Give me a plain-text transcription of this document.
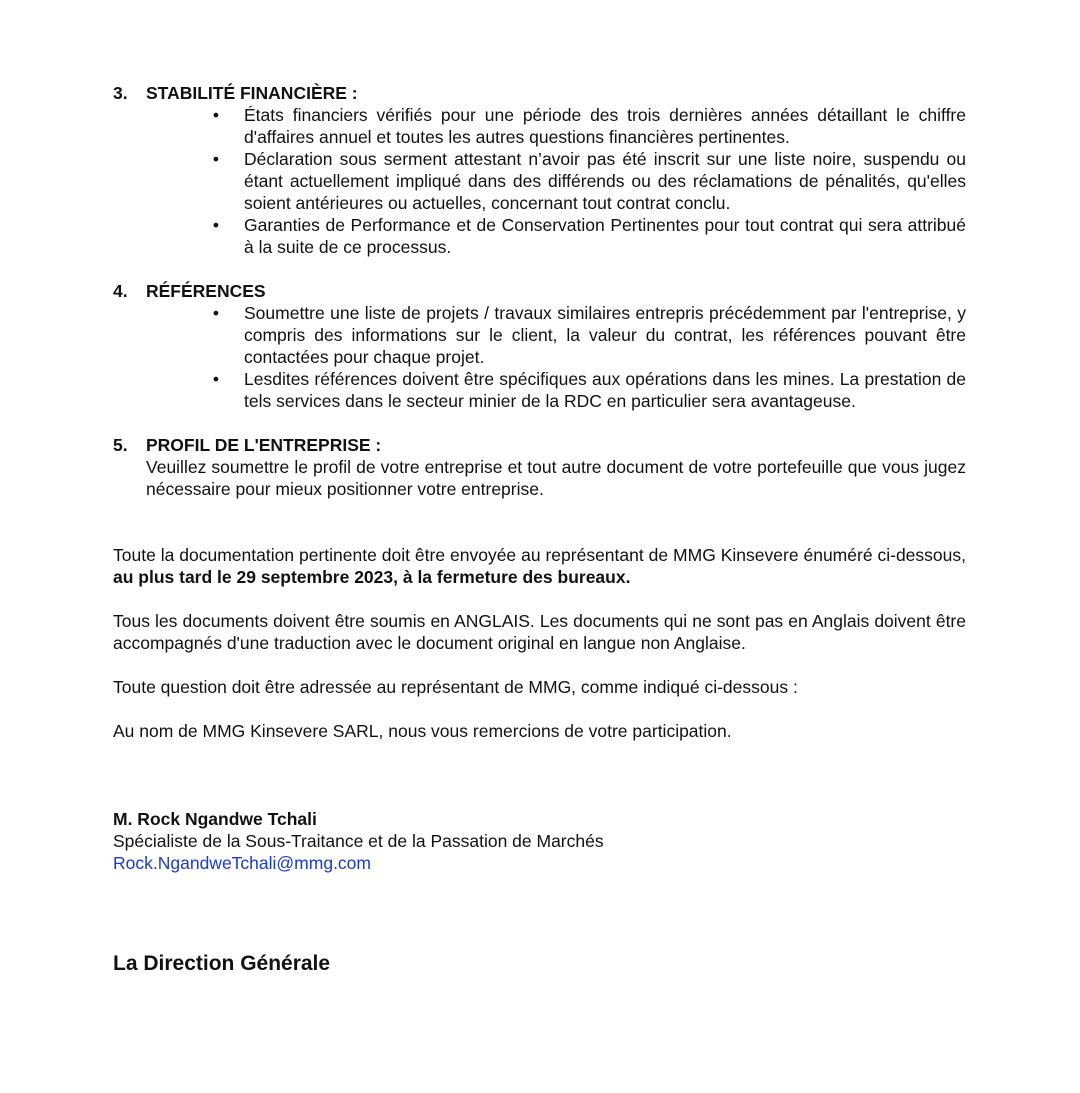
3.	STABILITÉ FINANCIÈRE :
• États financiers vérifiés pour une période des trois dernières années détaillant le chiffre d'affaires annuel et toutes les autres questions financières pertinentes.
• Déclaration sous serment attestant n’avoir pas été inscrit sur une liste noire, suspendu ou étant actuellement impliqué dans des différends ou des réclamations de pénalités, qu'elles soient antérieures ou actuelles, concernant tout contrat conclu.
• Garanties de Performance et de Conservation Pertinentes pour tout contrat qui sera attribué à la suite de ce processus.
4.	RÉFÉRENCES
• Soumettre une liste de projets / travaux similaires entrepris précédemment par l'entreprise, y compris des informations sur le client, la valeur du contrat, les références pouvant être contactées pour chaque projet.
• Lesdites références doivent être spécifiques aux opérations dans les mines. La prestation de tels services dans le secteur minier de la RDC en particulier sera avantageuse.
5.	PROFIL DE L'ENTREPRISE :
Veuillez soumettre le profil de votre entreprise et tout autre document de votre portefeuille que vous jugez nécessaire pour mieux positionner votre entreprise.

Toute la documentation pertinente doit être envoyée au représentant de MMG Kinsevere énuméré ci-dessous, au plus tard le 29 septembre 2023, à la fermeture des bureaux.

Tous les documents doivent être soumis en ANGLAIS. Les documents qui ne sont pas en Anglais doivent être accompagnés d'une traduction avec le document original en langue non Anglaise.

Toute question doit être adressée au représentant de MMG, comme indiqué ci-dessous :

Au nom de MMG Kinsevere SARL, nous vous remercions de votre participation.

M. Rock Ngandwe Tchali
Spécialiste de la Sous-Traitance et de la Passation de Marchés
Rock.NgandweTchali@mmg.com
La Direction Générale
